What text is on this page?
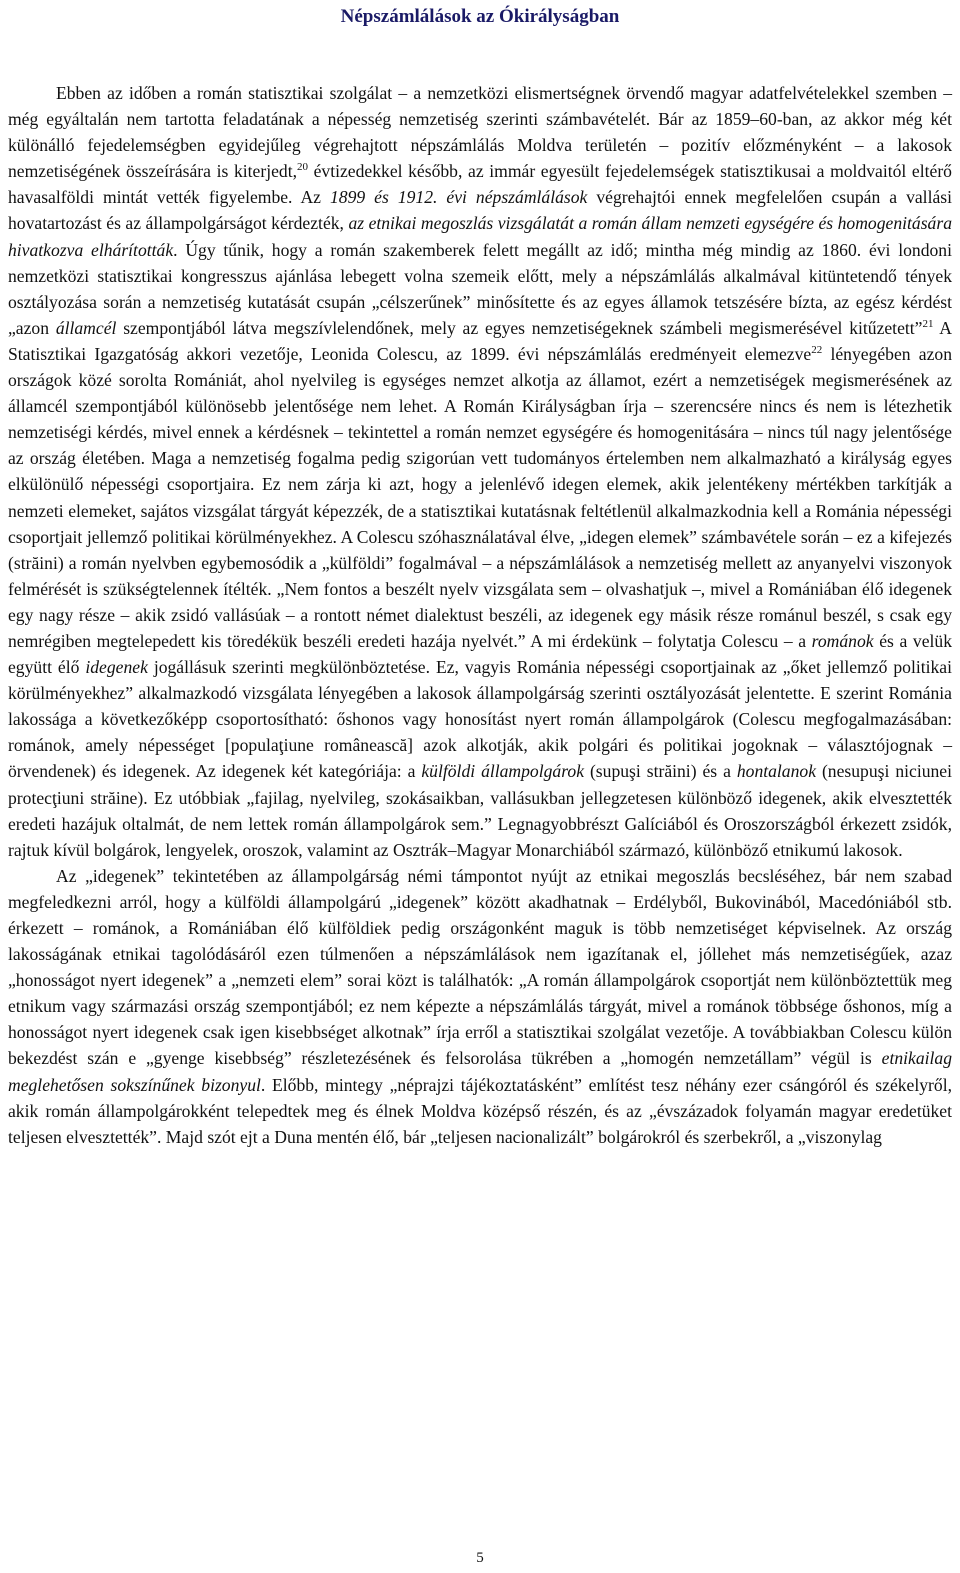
Népszámlálások az Ókirályságban

Ebben az időben a román statisztikai szolgálat – a nemzetközi elismertségnek örvendő magyar adatfelvételekkel szemben – még egyáltalán nem tartotta feladatának a népesség nemzetiség szerinti számbavételét. Bár az 1859–60-ban, az akkor még két különálló fejedelemségben egyidejűleg végrehajtott népszámlálás Moldva területén – pozitív előzményként – a lakosok nemzetiségének összeírására is kiterjedt,$^{20}$ évtizedekkel később, az immár egyesült fejedelemségek statisztikusai a moldvaitól eltérő havasalföldi mintát vették figyelembe. Az 1899 és 1912. évi népszámlálások végrehajtói ennek megfelelően csupán a vallási hovatartozást és az állampolgárságot kérdezték, az etnikai megoszlás vizsgálatát a román állam nemzeti egységére és homogenitására hivatkozva elhárították. Úgy tűnik, hogy a román szakemberek felett megállt az idő; mintha még mindig az 1860. évi londoni nemzetközi statisztikai kongresszus ajánlása lebegett volna szemeik előtt, mely a népszámlálás alkalmával kitüntetendő tények osztályozása során a nemzetiség kutatását csupán „célszerűnek” minősítette és az egyes államok tetszésére bízta, az egész kérdést „azon államcél szempontjából látva megszívlelendőnek, mely az egyes nemzetiségeknek számbeli megismerésével kitűzetett”$^{21}$ A Statisztikai Igazgatóság akkori vezetője, Leonida Colescu, az 1899. évi népszámlálás eredményeit elemezve$^{22}$ lényegében azon országok közé sorolta Romániát, ahol nyelvileg is egységes nemzet alkotja az államot, ezért a nemzetiségek megismerésének az államcél szempontjából különösebb jelentősége nem lehet. A Román Királyságban írja – szerencsére nincs és nem is létezhetik nemzetiségi kérdés, mivel ennek a kérdésnek – tekintettel a román nemzet egységére és homogenitására – nincs túl nagy jelentősége az ország életében. Maga a nemzetiség fogalma pedig szigorúan vett tudományos értelemben nem alkalmazható a királyság egyes elkülönülő népességi csoportjaira. Ez nem zárja ki azt, hogy a jelenlévő idegen elemek, akik jelentékeny mértékben tarkítják a nemzeti elemeket, sajátos vizsgálat tárgyát képezzék, de a statisztikai kutatásnak feltétlenül alkalmazkodnia kell a Románia népességi csoportjait jellemző politikai körülményekhez. A Colescu szóhasználatával élve, „idegen elemek” számbavétele során – ez a kifejezés (străini) a román nyelvben egybemosódik a „külföldi” fogalmával – a népszámlálások a nemzetiség mellett az anyanyelvi viszonyok felmérését is szükségtelennek ítélték. „Nem fontos a beszélt nyelv vizsgálata sem – olvashatjuk –, mivel a Romániában élő idegenek egy nagy része – akik zsidó vallásúak – a rontott német dialektust beszéli, az idegenek egy másik része románul beszél, s csak egy nemrégiben megtelepedett kis töredékük beszéli eredeti hazája nyelvét.” A mi érdekünk – folytatja Colescu – a románok és a velük együtt élő idegenek jogállásuk szerinti megkülönböztetése. Ez, vagyis Románia népességi csoportjainak az „őket jellemző politikai körülményekhez” alkalmazkodó vizsgálata lényegében a lakosok állampolgárság szerinti osztályozását jelentette. E szerint Románia lakossága a következőképp csoportosítható: őshonos vagy honosítást nyert román állampolgárok (Colescu megfogalmazásában: románok, amely népességet [populaţiune românească] azok alkotják, akik polgári és politikai jogoknak – választójognak – örvendenek) és idegenek. Az idegenek két kategóriája: a külföldi állampolgárok (supuşi străini) és a hontalanok (nesupuşi niciunei protecţiuni străine). Ez utóbbiak „fajilag, nyelvileg, szokásaikban, vallásukban jellegzetesen különböző idegenek, akik elvesztették eredeti hazájuk oltalmát, de nem lettek román állampolgárok sem.” Legnagyobbrészt Galíciából és Oroszországból érkezett zsidók, rajtuk kívül bolgárok, lengyelek, oroszok, valamint az Osztrák–Magyar Monarchiából származó, különböző etnikumú lakosok.

Az „idegenek” tekintetében az állampolgárság némi támpontot nyújt az etnikai megoszlás becsléséhez, bár nem szabad megfeledkezni arról, hogy a külföldi állampolgárú „idegenek” között akadhatnak – Erdélyből, Bukovinából, Macedóniából stb. érkezett – románok, a Romániában élő külföldiek pedig országonként maguk is több nemzetiséget képviselnek. Az ország lakosságának etnikai tagolódásáról ezen túlmenően a népszámlálások nem igazítanak el, jóllehet más nemzetiségűek, azaz „honosságot nyert idegenek” a „nemzeti elem” sorai közt is találhatók: „A román állampolgárok csoportját nem különböztettük meg etnikum vagy származási ország szempontjából; ez nem képezte a népszámlálás tárgyát, mivel a románok többsége őshonos, míg a honosságot nyert idegenek csak igen kisebbséget alkotnak” írja erről a statisztikai szolgálat vezetője. A továbbiakban Colescu külön bekezdést szán e „gyenge kisebbség” részletezésének és felsorolása tükrében a „homogén nemzetállam” végül is etnikailag meglehetősen sokszínűnek bizonyul. Előbb, mintegy „néprajzi tájékoztatásként” említést tesz néhány ezer csángóról és székelyről, akik román állampolgárokként telepedtek meg és élnek Moldva középső részén, és az „évszázadok folyamán magyar eredetüket teljesen elvesztették”. Majd szót ejt a Duna mentén élő, bár „teljesen nacionalizált” bolgárokról és szerbekről, a „viszonylag

5
